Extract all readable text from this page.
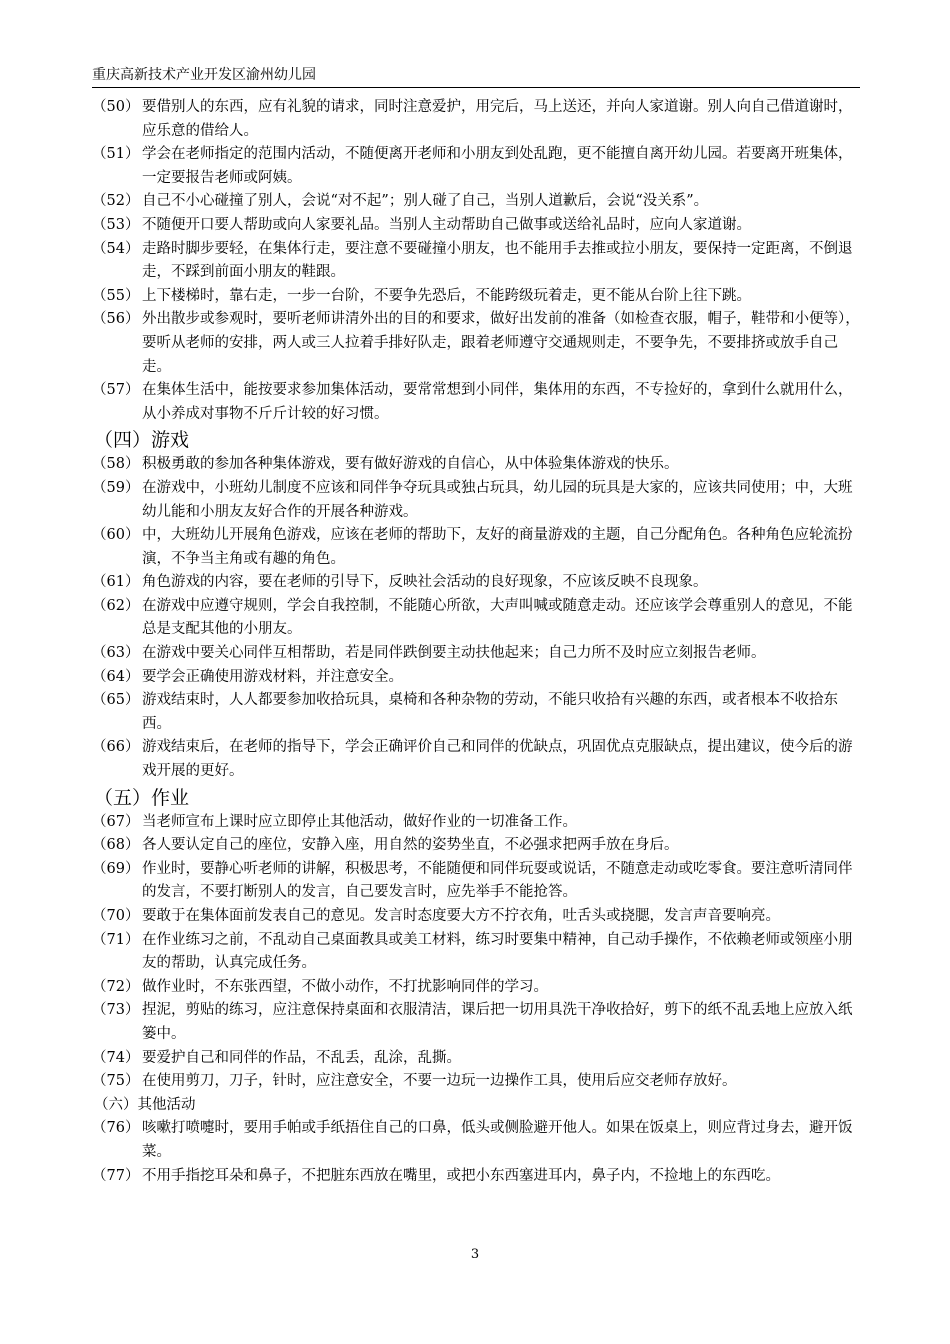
重庆高新技术产业开发区渝州幼儿园
（50） 要借别人的东西，应有礼貌的请求，同时注意爱护，用完后，马上送还，并向人家道谢。别人向自己借道谢时，应乐意的借给人。
（51） 学会在老师指定的范围内活动，不随便离开老师和小朋友到处乱跑，更不能擅自离开幼儿园。若要离开班集体，一定要报告老师或阿姨。
（52） 自己不小心碰撞了别人，会说“对不起”；别人碰了自己，当别人道歉后，会说“没关系”。
（53） 不随便开口要人帮助或向人家要礼品。当别人主动帮助自己做事或送给礼品时，应向人家道谢。
（54） 走路时脚步要轻，在集体行走，要注意不要碰撞小朋友，也不能用手去推或拉小朋友，要保持一定距离，不倒退走，不踩到前面小朋友的鞋跟。
（55） 上下楼梯时，靠右走，一步一台阶，不要争先恐后，不能跨级玩着走，更不能从台阶上往下跳。
（56） 外出散步或参观时，要听老师讲清外出的目的和要求，做好出发前的准备（如检查衣服，帽子，鞋带和小便等），要听从老师的安排，两人或三人拉着手排好队走，跟着老师遵守交通规则走，不要争先，不要排挤或放手自己走。
（57） 在集体生活中，能按要求参加集体活动，要常常想到小同伴，集体用的东西，不专捡好的，拿到什么就用什么，从小养成对事物不斤斤计较的好习惯。
（四）游戏
（58） 积极勇敢的参加各种集体游戏，要有做好游戏的自信心，从中体验集体游戏的快乐。
（59） 在游戏中，小班幼儿制度不应该和同伴争夺玩具或独占玩具，幼儿园的玩具是大家的，应该共同使用；中，大班幼儿能和小朋友友好合作的开展各种游戏。
（60） 中，大班幼儿开展角色游戏，应该在老师的帮助下，友好的商量游戏的主题，自己分配角色。各种角色应轮流扮演，不争当主角或有趣的角色。
（61） 角色游戏的内容，要在老师的引导下，反映社会活动的良好现象，不应该反映不良现象。
（62） 在游戏中应遵守规则，学会自我控制，不能随心所欲，大声叫喊或随意走动。还应该学会尊重别人的意见，不能总是支配其他的小朋友。
（63） 在游戏中要关心同伴互相帮助，若是同伴跌倒要主动扶他起来；自己力所不及时应立刻报告老师。
（64） 要学会正确使用游戏材料，并注意安全。
（65） 游戏结束时，人人都要参加收拾玩具，桌椅和各种杂物的劳动，不能只收拾有兴趣的东西，或者根本不收拾东西。
（66） 游戏结束后，在老师的指导下，学会正确评价自己和同伴的优缺点，巩固优点克服缺点，提出建议，使今后的游戏开展的更好。
（五）作业
（67） 当老师宣布上课时应立即停止其他活动，做好作业的一切准备工作。
（68） 各人要认定自己的座位，安静入座，用自然的姿势坐直，不必强求把两手放在身后。
（69） 作业时，要静心听老师的讲解，积极思考，不能随便和同伴玩耍或说话，不随意走动或吃零食。要注意听清同伴的发言，不要打断别人的发言，自己要发言时，应先举手不能抢答。
（70） 要敢于在集体面前发表自己的意见。发言时态度要大方不拧衣角，吐舌头或挠腮，发言声音要响亮。
（71） 在作业练习之前，不乱动自己桌面教具或美工材料，练习时要集中精神，自己动手操作，不依赖老师或领座小朋友的帮助，认真完成任务。
（72） 做作业时，不东张西望，不做小动作，不打扰影响同伴的学习。
（73） 捏泥，剪贴的练习，应注意保持桌面和衣服清洁，课后把一切用具洗干净收拾好，剪下的纸不乱丢地上应放入纸篓中。
（74） 要爱护自己和同伴的作品，不乱丢，乱涂，乱撕。
（75） 在使用剪刀，刀子，针时，应注意安全，不要一边玩一边操作工具，使用后应交老师存放好。
（六）其他活动
（76） 咳嗽打喷嚏时，要用手帕或手纸捂住自己的口鼻，低头或侧脸避开他人。如果在饭桌上，则应背过身去，避开饭菜。
（77） 不用手指挖耳朵和鼻子，不把脏东西放在嘴里，或把小东西塞进耳内，鼻子内，不捡地上的东西吃。
3
